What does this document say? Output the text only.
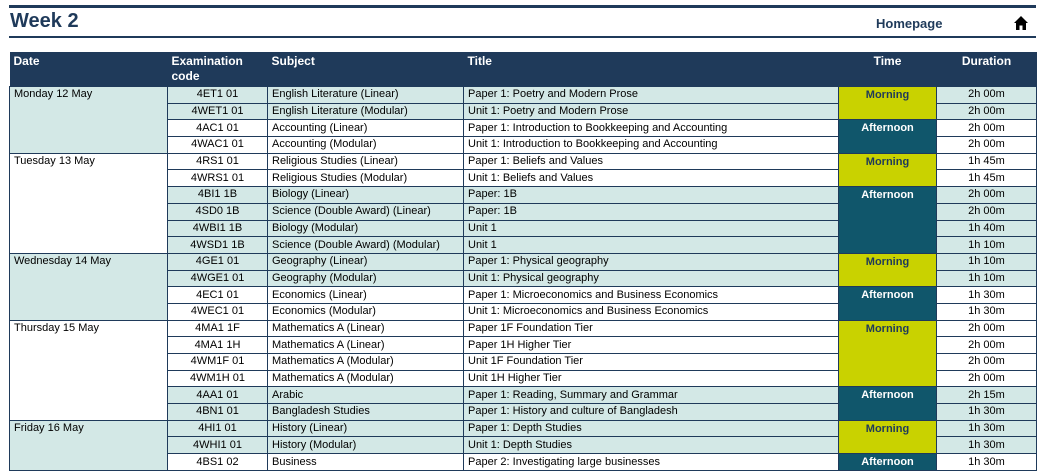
Week 2	Homepage
Date	Examination code	Subject	Title	Time	Duration
Monday 12 May	4ET1 01	English Literature (Linear)	Paper 1: Poetry and Modern Prose	Morning	2h 00m
	4WET1 01	English Literature (Modular)	Unit 1: Poetry and Modern Prose		2h 00m
	4AC1 01	Accounting (Linear)	Paper 1: Introduction to Bookkeeping and Accounting	Afternoon	2h 00m
	4WAC1 01	Accounting (Modular)	Unit 1: Introduction to Bookkeeping and Accounting		2h 00m
Tuesday 13 May	4RS1 01	Religious Studies (Linear)	Paper 1: Beliefs and Values	Morning	1h 45m
	4WRS1 01	Religious Studies (Modular)	Unit 1: Beliefs and Values		1h 45m
	4BI1 1B	Biology (Linear)	Paper: 1B	Afternoon	2h 00m
	4SD0 1B	Science (Double Award) (Linear)	Paper: 1B		2h 00m
	4WBI1 1B	Biology (Modular)	Unit 1		1h 40m
	4WSD1 1B	Science (Double Award) (Modular)	Unit 1		1h 10m
Wednesday 14 May	4GE1 01	Geography (Linear)	Paper 1: Physical geography	Morning	1h 10m
	4WGE1 01	Geography (Modular)	Unit 1: Physical geography		1h 10m
	4EC1 01	Economics (Linear)	Paper 1: Microeconomics and Business Economics	Afternoon	1h 30m
	4WEC1 01	Economics (Modular)	Unit 1: Microeconomics and Business Economics		1h 30m
Thursday 15 May	4MA1 1F	Mathematics A (Linear)	Paper 1F Foundation Tier	Morning	2h 00m
	4MA1 1H	Mathematics A (Linear)	Paper 1H Higher Tier		2h 00m
	4WM1F 01	Mathematics A (Modular)	Unit 1F Foundation Tier		2h 00m
	4WM1H 01	Mathematics A (Modular)	Unit 1H Higher Tier		2h 00m
	4AA1 01	Arabic	Paper 1: Reading, Summary and Grammar	Afternoon	2h 15m
	4BN1 01	Bangladesh Studies	Paper 1: History and culture of Bangladesh		1h 30m
Friday 16 May	4HI1 01	History (Linear)	Paper 1: Depth Studies	Morning	1h 30m
	4WHI1 01	History (Modular)	Unit 1: Depth Studies		1h 30m
	4BS1 02	Business	Paper 2: Investigating large businesses	Afternoon	1h 30m
